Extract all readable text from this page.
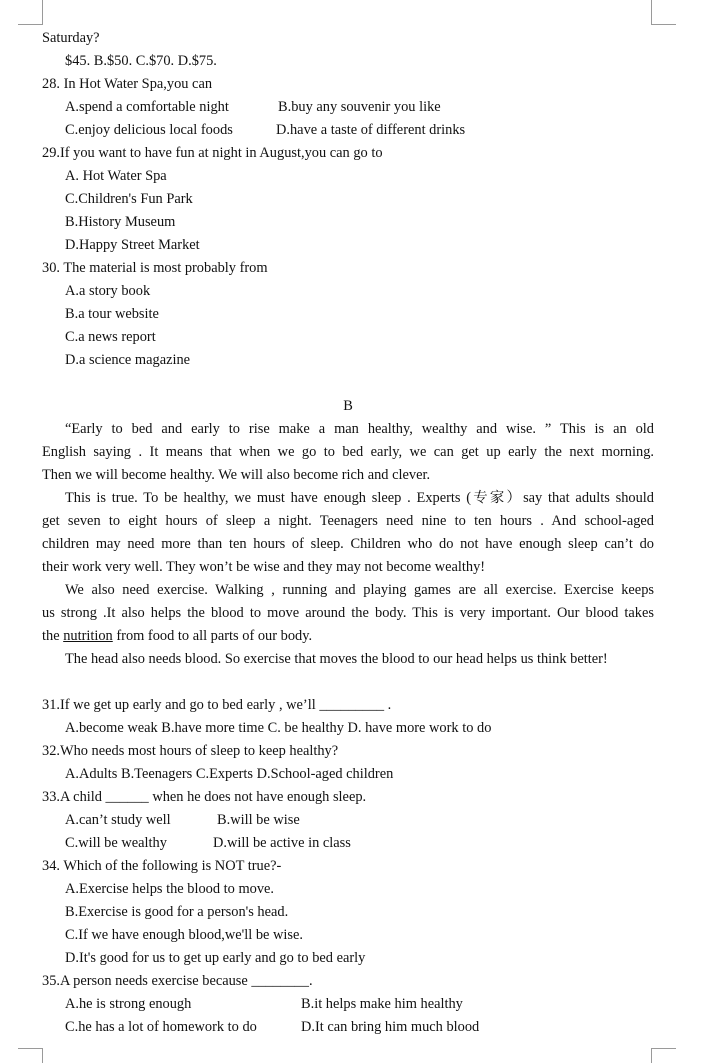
Saturday?
$45. B.$50. C.$70. D.$75.
28. In Hot Water Spa,you can
A.spend a comfortable night	B.buy any souvenir you like
C.enjoy delicious local foods	D.have a taste of different drinks
29.If you want to have fun at night in August,you can go to
A. Hot Water Spa
C.Children's Fun Park
B.History Museum
D.Happy Street Market
30. The material is most probably from
A.a story book
B.a tour website
C.a news report
D.a science magazine
B
“Early to bed and early to rise make a man healthy, wealthy and wise. ” This is an old
English saying . It means that when we go to bed early, we can get up early the next morning.
Then we will become healthy. We will also become rich and clever.
This is true. To be healthy, we must have enough sleep . Experts (专家）say that adults should
get seven to eight hours of sleep a night. Teenagers need nine to ten hours . And school-aged
children may need more than ten hours of sleep. Children who do not have enough sleep can’t do
their work very well. They won’t be wise and they may not become wealthy!
We also need exercise. Walking , running and playing games are all exercise. Exercise keeps
us strong .It also helps the blood to move around the body. This is very important. Our blood takes
the nutrition from food to all parts of our body.
The head also needs blood. So exercise that moves the blood to our head helps us think better!
31.If we get up early and go to bed early , we’ll _________ .
A.become weak B.have more time C. be healthy D. have more work to do
32.Who needs most hours of sleep to keep healthy?
A.Adults B.Teenagers C.Experts D.School-aged children
33.A child ______ when he does not have enough sleep.
A.can’t study well	B.will be wise
C.will be wealthy	D.will be active in class
34. Which of the following is NOT true?-
A.Exercise helps the blood to move.
B.Exercise is good for a person's head.
C.If we have enough blood,we'll be wise.
D.It's good for us to get up early and go to bed early
35.A person needs exercise because ________.
A.he is strong enough	B.it helps make him healthy
C.he has a lot of homework to do	D.It can bring him much blood
